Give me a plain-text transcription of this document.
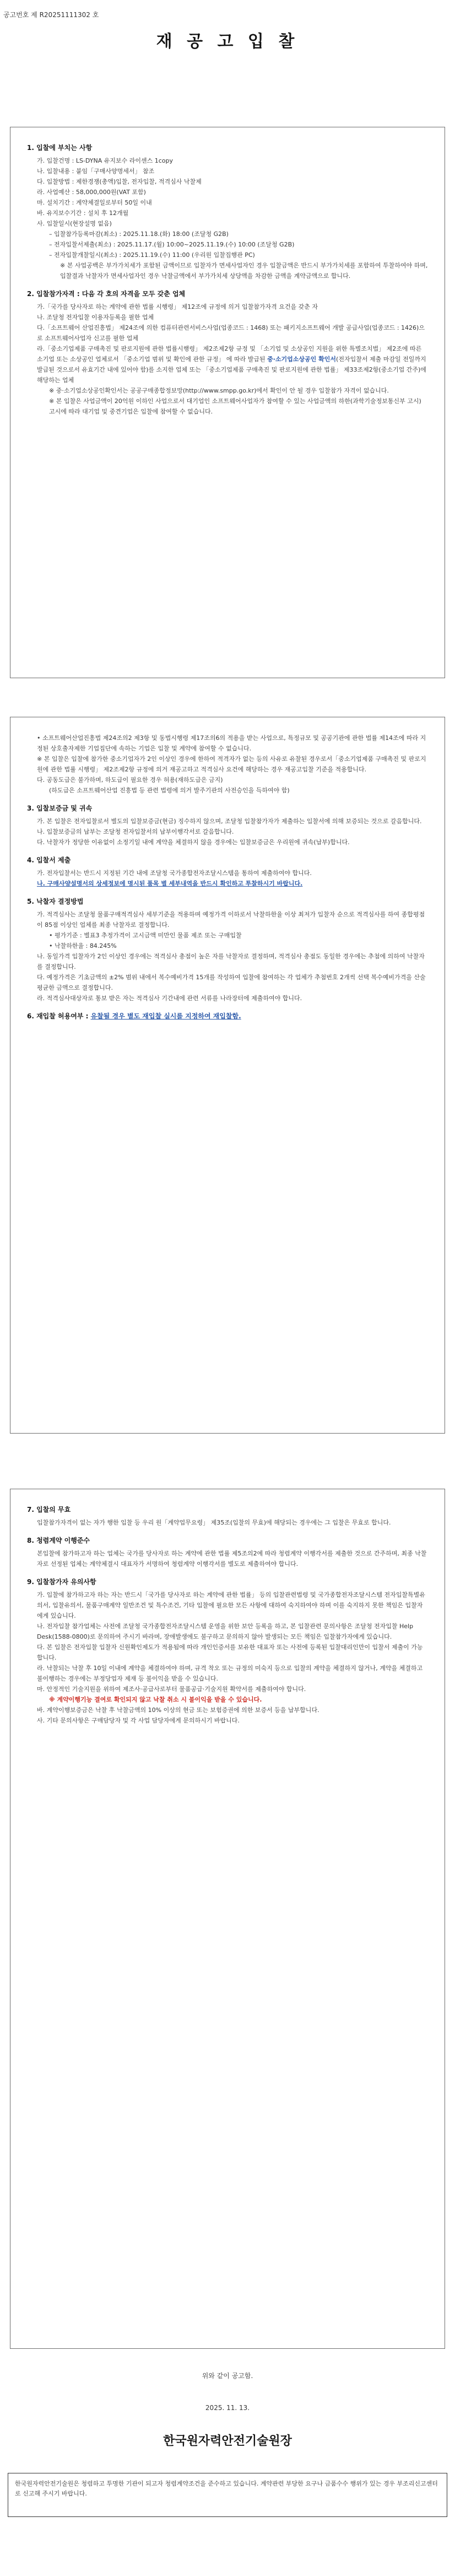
공고번호 제 R20251111302 호
재 공 고 입 찰

1. 입찰에 부치는 사항

가. 입찰건명 : LS-DYNA 유지보수 라이센스 1copy

나. 입찰내용 : 붙임「구매사양명세서」 참조

다. 입찰방법 : 제한경쟁(총액)입찰, 전자입찰, 적격심사 낙찰제

라. 사업예산 : 58,000,000원(VAT 포함)

마. 설치기간 : 계약체결일로부터 50일 이내

바. 유지보수기간 : 설치 후 12개월

사. 입찰일시(현장설명 없음)

– 입찰참가등록마감(최소) : 2025.11.18.(화) 18:00 (조달청 G2B)

– 전자입찰서제출(최소) : 2025.11.17.(월) 10:00~2025.11.19.(수) 10:00 (조달청 G2B)

– 전자입찰개찰일시(최소) : 2025.11.19.(수) 11:00 (우리원 입찰집행관 PC)

※ 본 사업공백은 부가가치세가 포함된 금액이므로 입찰자가 면세사업자인 경우 입찰금액은 반드시 부가가치세를 포함하여 투찰하여야 하며, 입찰결과 낙찰자가 면세사업자인 경우 낙찰금액에서 부가가치세 상당액을 차감한 금액을 계약금액으로 합니다.

2. 입찰참가자격 : 다음 각 호의 자격을 모두 갖춘 업체

가.「국가를 당사자로 하는 계약에 관한 법률 시행령」 제12조에 규정에 의거 입찰참가자격 요건을 갖춘 자

나. 조달청 전자입찰 이용자등록을 필한 업체

다.「소프트웨어 산업진흥법」 제24조에 의한 컴퓨터관련서비스사업(업종코드 : 1468) 또는 패키지소프트웨어 개발 공급사업(업종코드 : 1426)으로 소프트웨어사업자 신고를 필한 업체

라.「중소기업제품 구매촉진 및 판로지원에 관한 법률시행령」 제2조제2항 규정 및 「소기업 및 소상공인 지원을 위한 특별조치법」 제2조에 따른 소기업 또는 소상공인 업체로서 「중소기업 범위 및 확인에 관한 규정」 에 따라 발급된 중·소기업소상공인 확인서(전자입찰서 제출 마감일 전일까지 발급된 것으로서 유효기간 내에 있어야 함)를 소지한 업체 또는 「중소기업제품 구매촉진 및 판로지원에 관한 법률」 제33조제2항(중소기업 간주)에 해당하는 업체

※ 중·소기업소상공인확인서는 공공구매종합정보망(http://www.smpp.go.kr)에서 확인이 안 될 경우 입찰참가 자격이 없습니다.

※ 본 입찰은 사업금액이 20억원 이하인 사업으로서 대기업인 소프트웨어사업자가 참여할 수 있는 사업금액의 하한(과학기술정보통신부 고시) 고시에 따라 대기업 및 중견기업은 입찰에 참여할 수 없습니다.

• 소프트웨어산업진흥법 제24조의2 제3항 및 동법시행령 제17조의6의 적용을 받는 사업으로, 특정규모 및 공공기관에 관한 법률 제14조에 따라 지정된 상호출자제한 기업집단에 속하는 기업은 입찰 및 계약에 참여할 수 없습니다.

※ 본 입찰은 입찰에 참가한 중소기업자가 2인 이상인 경우에 한하여 적격자가 없는 등의 사유로 유찰된 경우로서「중소기업제품 구매촉진 및 판로지원에 관한 법률 시행령」 제2조제2항 규정에 의거 재공고하고 적격심사 요건에 해당하는 경우 재공고입찰 기준을 적용합니다.

다. 공동도급은 불가하며, 하도급이 필요한 경우 허용(재하도급은 금지)

(하도급은 소프트웨어산업 진흥법 등 관련 법령에 의거 발주기관의 사전승인을 득하여야 함)

3. 입찰보증금 및 귀속

가. 본 입찰은 전자입찰로서 별도의 입찰보증금(현금) 징수하지 않으며, 조달청 입찰참가자가 제출하는 입찰서에 의해 보증되는 것으로 갈음합니다.

나. 입찰보증금의 납부는 조달청 전자입찰서의 납부이행각서로 갈음합니다.

다. 낙찰자가 정당한 이유없이 소정기일 내에 계약을 체결하지 않을 경우에는 입찰보증금은 우리원에 귀속(납부)합니다.

4. 입찰서 제출

가. 전자입찰서는 반드시 지정된 기간 내에 조달청 국가종합전자조달시스템을 통하여 제출하여야 합니다.

나. 구매사양설명서의 상세정보에 명시된 품목 별 세부내역을 반드시 확인하고 투찰하시기 바랍니다.

5. 낙찰자 결정방법

가. 적격심사는 조달청 물품구매적격심사 세부기준을 적용하며 예정가격 이하로서 낙찰하한율 이상 최저가 입찰자 순으로 적격심사를 하여 종합평점이 85점 이상인 업체를 최종 낙찰자로 결정합니다.

• 평가기준 : 별표3 추정가격이 고시금액 미만인 물품 제조 또는 구매입찰

• 낙찰하한율 : 84.245%

나. 동일가격 입찰자가 2인 이상인 경우에는 적격심사 총점이 높은 자를 낙찰자로 결정하며, 적격심사 총점도 동일한 경우에는 추첨에 의하여 낙찰자를 결정합니다.

다. 예정가격은 기초금액의 ±2% 범위 내에서 복수예비가격 15개를 작성하여 입찰에 참여하는 각 업체가 추첨번호 2개씩 선택 복수예비가격을 산술평균한 금액으로 결정합니다.

라. 적격심사대상자로 통보 받은 자는 적격심사 기간내에 관련 서류를 나라장터에 제출하여야 합니다.

6. 재입찰 허용여부 : 유찰될 경우 별도 재입찰 실시를 지정하여 재입찰함.

7. 입찰의 무효

입찰참가자격이 없는 자가 행한 입찰 등 우리 원「계약업무요령」 제35조(입찰의 무효)에 해당되는 경우에는 그 입찰은 무효로 합니다.

8. 청렴계약 이행준수

본입찰에 참가하고자 하는 업체는 국가를 당사자로 하는 계약에 관한 법률 제5조의2에 따라 청렴계약 이행각서를 제출한 것으로 간주하며, 최종 낙찰자로 선정된 업체는 계약체결시 대표자가 서명하여 청렴계약 이행각서를 별도로 제출하여야 합니다.

9. 입찰참가자 유의사항

가. 입찰에 참가하고자 하는 자는 반드시「국가를 당사자로 하는 계약에 관한 법률」 등의 입찰관련법령 및 국가종합전자조달시스템 전자입찰특별유의서, 입찰유의서, 물품구매계약 일반조건 및 특수조건, 기타 입찰에 필요한 모든 사항에 대하여 숙지하여야 하며 이를 숙지하지 못한 책임은 입찰자에게 있습니다.

나. 전자입찰 참가업체는 사전에 조달청 국가종합전자조달시스템 운영을 위한 보안 등록을 하고, 본 입찰관련 문의사항은 조달청 전자입찰 Help Desk(1588-0800)로 문의하여 주시기 바라며, 장애발생에도 불구하고 문의하지 않아 발생되는 모든 책임은 입찰참가자에게 있습니다.

다. 본 입찰은 전자입찰 입찰자 신원확인제도가 적용됨에 따라 개인인증서를 보유한 대표자 또는 사전에 등록된 입찰대리인만이 입찰서 제출이 가능합니다.

라. 낙찰되는 낙찰 후 10일 이내에 계약을 체결하여야 하며, 규격 착오 또는 규정의 미숙지 등으로 입찰의 계약을 체결하지 않거나, 계약을 체결하고 불이행하는 경우에는 부정당업자 제재 등 불이익을 받을 수 있습니다.

마. 안정적인 기술지원을 위하여 제조사·공급사로부터 물품공급·기술지원 확약서를 제출하여야 합니다.

※ 계약이행기능 결여로 확인되지 않고 낙찰 취소 시 불이익을 받을 수 있습니다.

바. 계약이행보증금은 낙찰 후 낙찰금액의 10% 이상의 현금 또는 보험증권에 의한 보증서 등을 납부합니다.

사. 기타 문의사항은 구매담당자 및 각 사업 담당자에게 문의하시기 바랍니다.

위와 같이 공고함.
2025. 11. 13.
한국원자력안전기술원장
한국원자력안전기술원은 청렴하고 투명한 기관이 되고자 청렴계약조건을 준수하고 있습니다. 계약관련 부당한 요구나 금품수수 행위가 있는 경우 부조리신고센터로 신고해 주시기 바랍니다.
